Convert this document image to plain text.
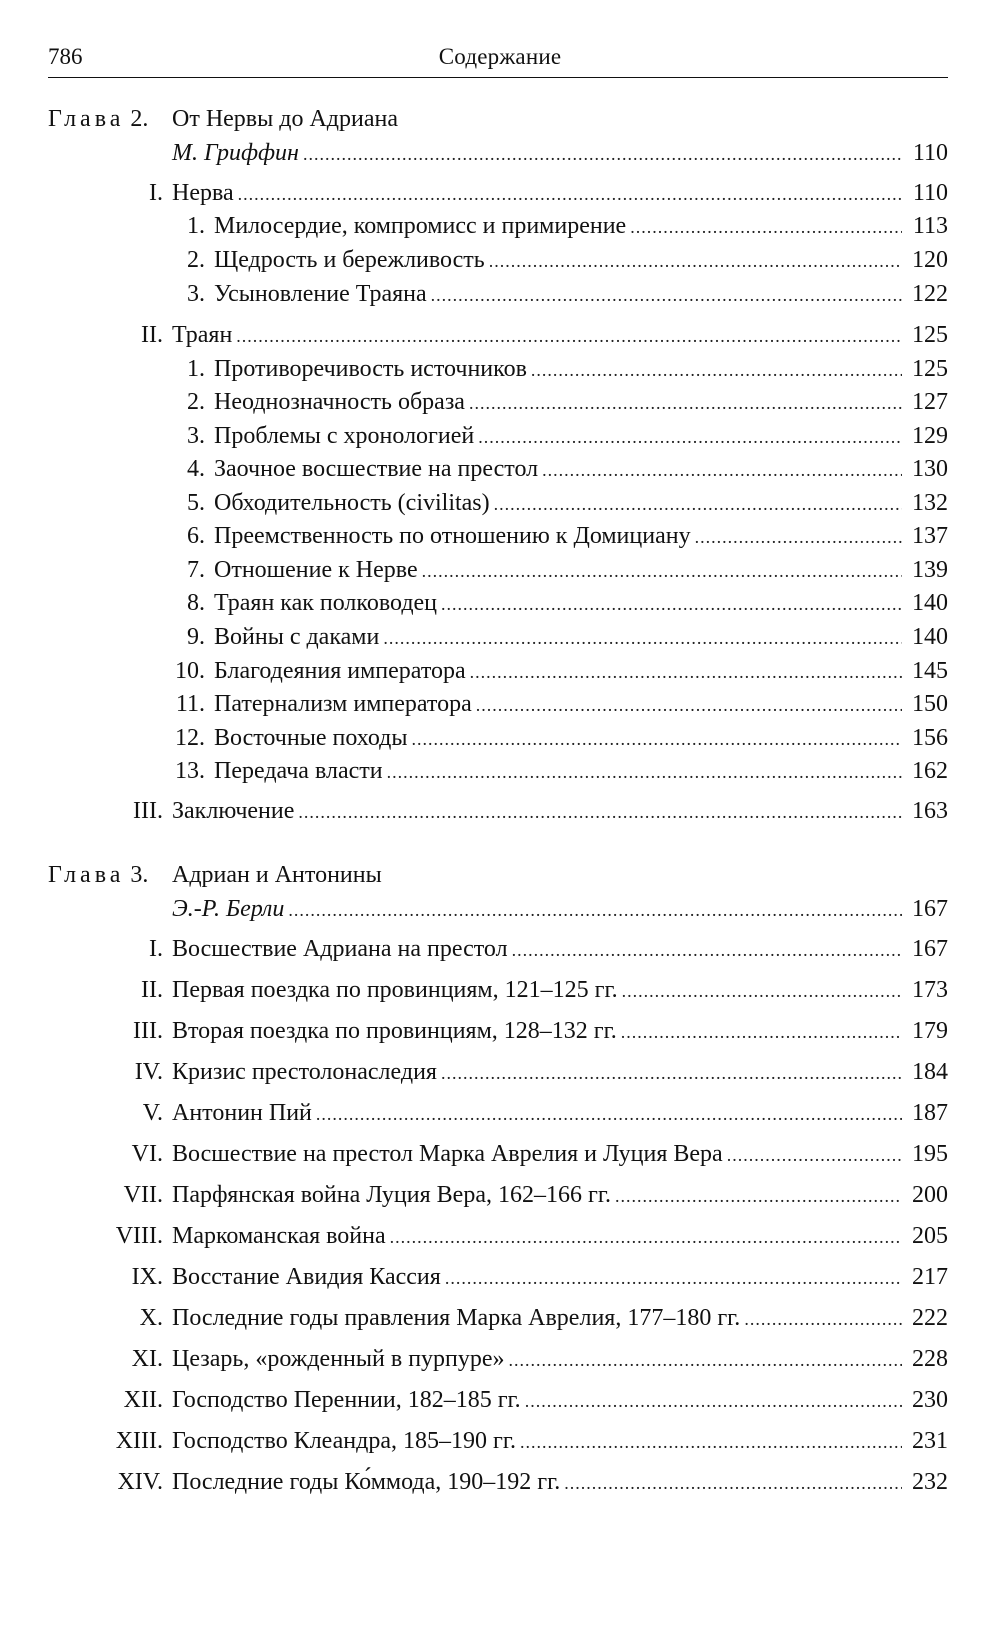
786	Содержание
Глава 2. От Нервы до Адриана
М. Гриффин .....	110
I. Нерва .....	110
1. Милосердие, компромисс и примирение .....	113
2. Щедрость и бережливость .....	120
3. Усыновление Траяна .....	122
II. Траян .....	125
1. Противоречивость источников .....	125
2. Неоднозначность образа .....	127
3. Проблемы с хронологией .....	129
4. Заочное восшествие на престол .....	130
5. Обходительность (civilitas) .....	132
6. Преемственность по отношению к Домициану .....	137
7. Отношение к Нерве .....	139
8. Траян как полководец .....	140
9. Войны с даками .....	140
10. Благодеяния императора .....	145
11. Патернализм императора .....	150
12. Восточные походы .....	156
13. Передача власти .....	162
III. Заключение .....	163
Глава 3. Адриан и Антонины
Э.-Р. Берли .....	167
I. Восшествие Адриана на престол .....	167
II. Первая поездка по провинциям, 121–125 гг. .....	173
III. Вторая поездка по провинциям, 128–132 гг. .....	179
IV. Кризис престолонаследия .....	184
V. Антонин Пий .....	187
VI. Восшествие на престол Марка Аврелия и Луция Вера .....	195
VII. Парфянская война Луция Вера, 162–166 гг. .....	200
VIII. Маркоманская война .....	205
IX. Восстание Авидия Кассия .....	217
X. Последние годы правления Марка Аврелия, 177–180 гг. .....	222
XI. Цезарь, «рожденный в пурпуре» .....	228
XII. Господство Переннии, 182–185 гг. .....	230
XIII. Господство Клеандра, 185–190 гг. .....	231
XIV. Последние годы Ко́ммода, 190–192 гг. .....	232
